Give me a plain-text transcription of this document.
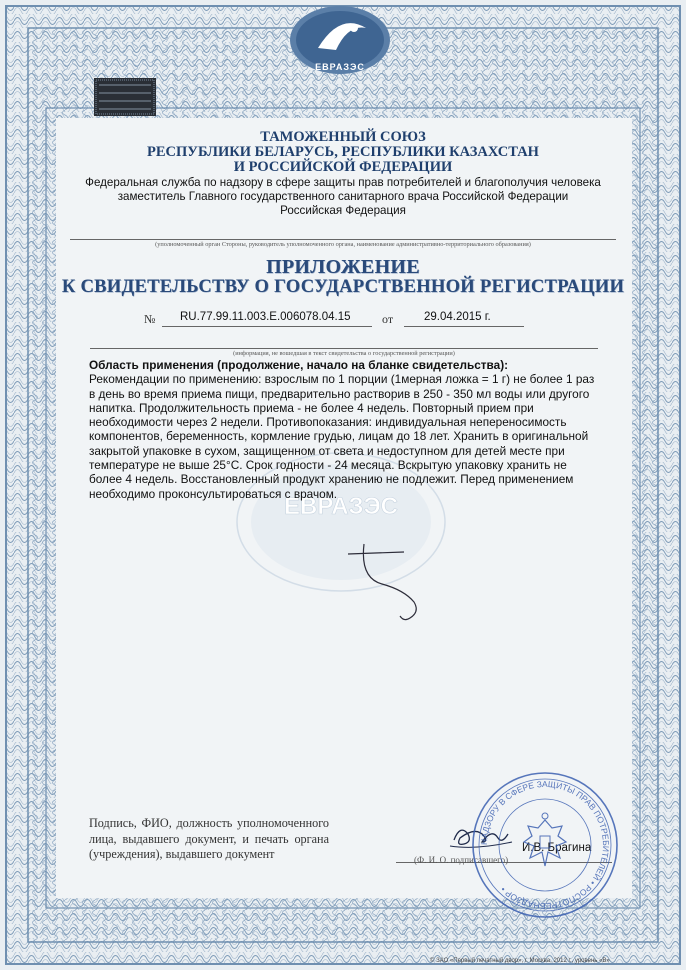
ЕВРАЗЭС
ТАМОЖЕННЫЙ СОЮЗ
РЕСПУБЛИКИ БЕЛАРУСЬ, РЕСПУБЛИКИ КАЗАХСТАН
И РОССИЙСКОЙ ФЕДЕРАЦИИ
Федеральная служба по надзору в сфере защиты прав потребителей и благополучия человека
заместитель Главного государственного санитарного врача Российской Федерации
Российская Федерация
(уполномоченный орган Стороны, руководитель уполномоченного органа, наименование административно-территориального образования)
ПРИЛОЖЕНИЕ
К СВИДЕТЕЛЬСТВУ О ГОСУДАРСТВЕННОЙ РЕГИСТРАЦИИ
№ RU.77.99.11.003.E.006078.04.15	от	29.04.2015 г.
(информация, не вошедшая в текст свидетельства о государственной регистрации)
ЕВРАЗЭС
Область применения (продолжение, начало на бланке свидетельства):
Рекомендации по применению: взрослым по 1 порции (1мерная ложка = 1 г) не более 1 раз в день во время приема пищи, предварительно растворив в 250 - 350 мл воды или другого напитка. Продолжительность приема - не более 4 недель. Повторный прием при необходимости через 2 недели. Противопоказания: индивидуальная непереносимость компонентов, беременность, кормление грудью, лицам до 18 лет. Хранить в оригинальной закрытой упаковке в сухом, защищенном от света и недоступном для детей месте при температуре не выше 25°С. Срок годности - 24 месяца. Вскрытую упаковку хранить не более 4 недель. Восстановленный продукт хранению не подлежит. Перед применением необходимо проконсультироваться с врачом.
Подпись, ФИО, должность уполномоченного лица, выдавшего документ, и печать органа (учреждения), выдавшего документ	И.В. Брагина
(Ф. И. О. подписавшего)
НАДЗОРУ В СФЕРЕ ЗАЩИТЫ ПРАВ ПОТРЕБИТЕЛЕЙ • РОСПОТРЕБНАДЗОР •
© ЗАО «Первый печатный двор», г. Москва, 2012 г., уровень «В»
